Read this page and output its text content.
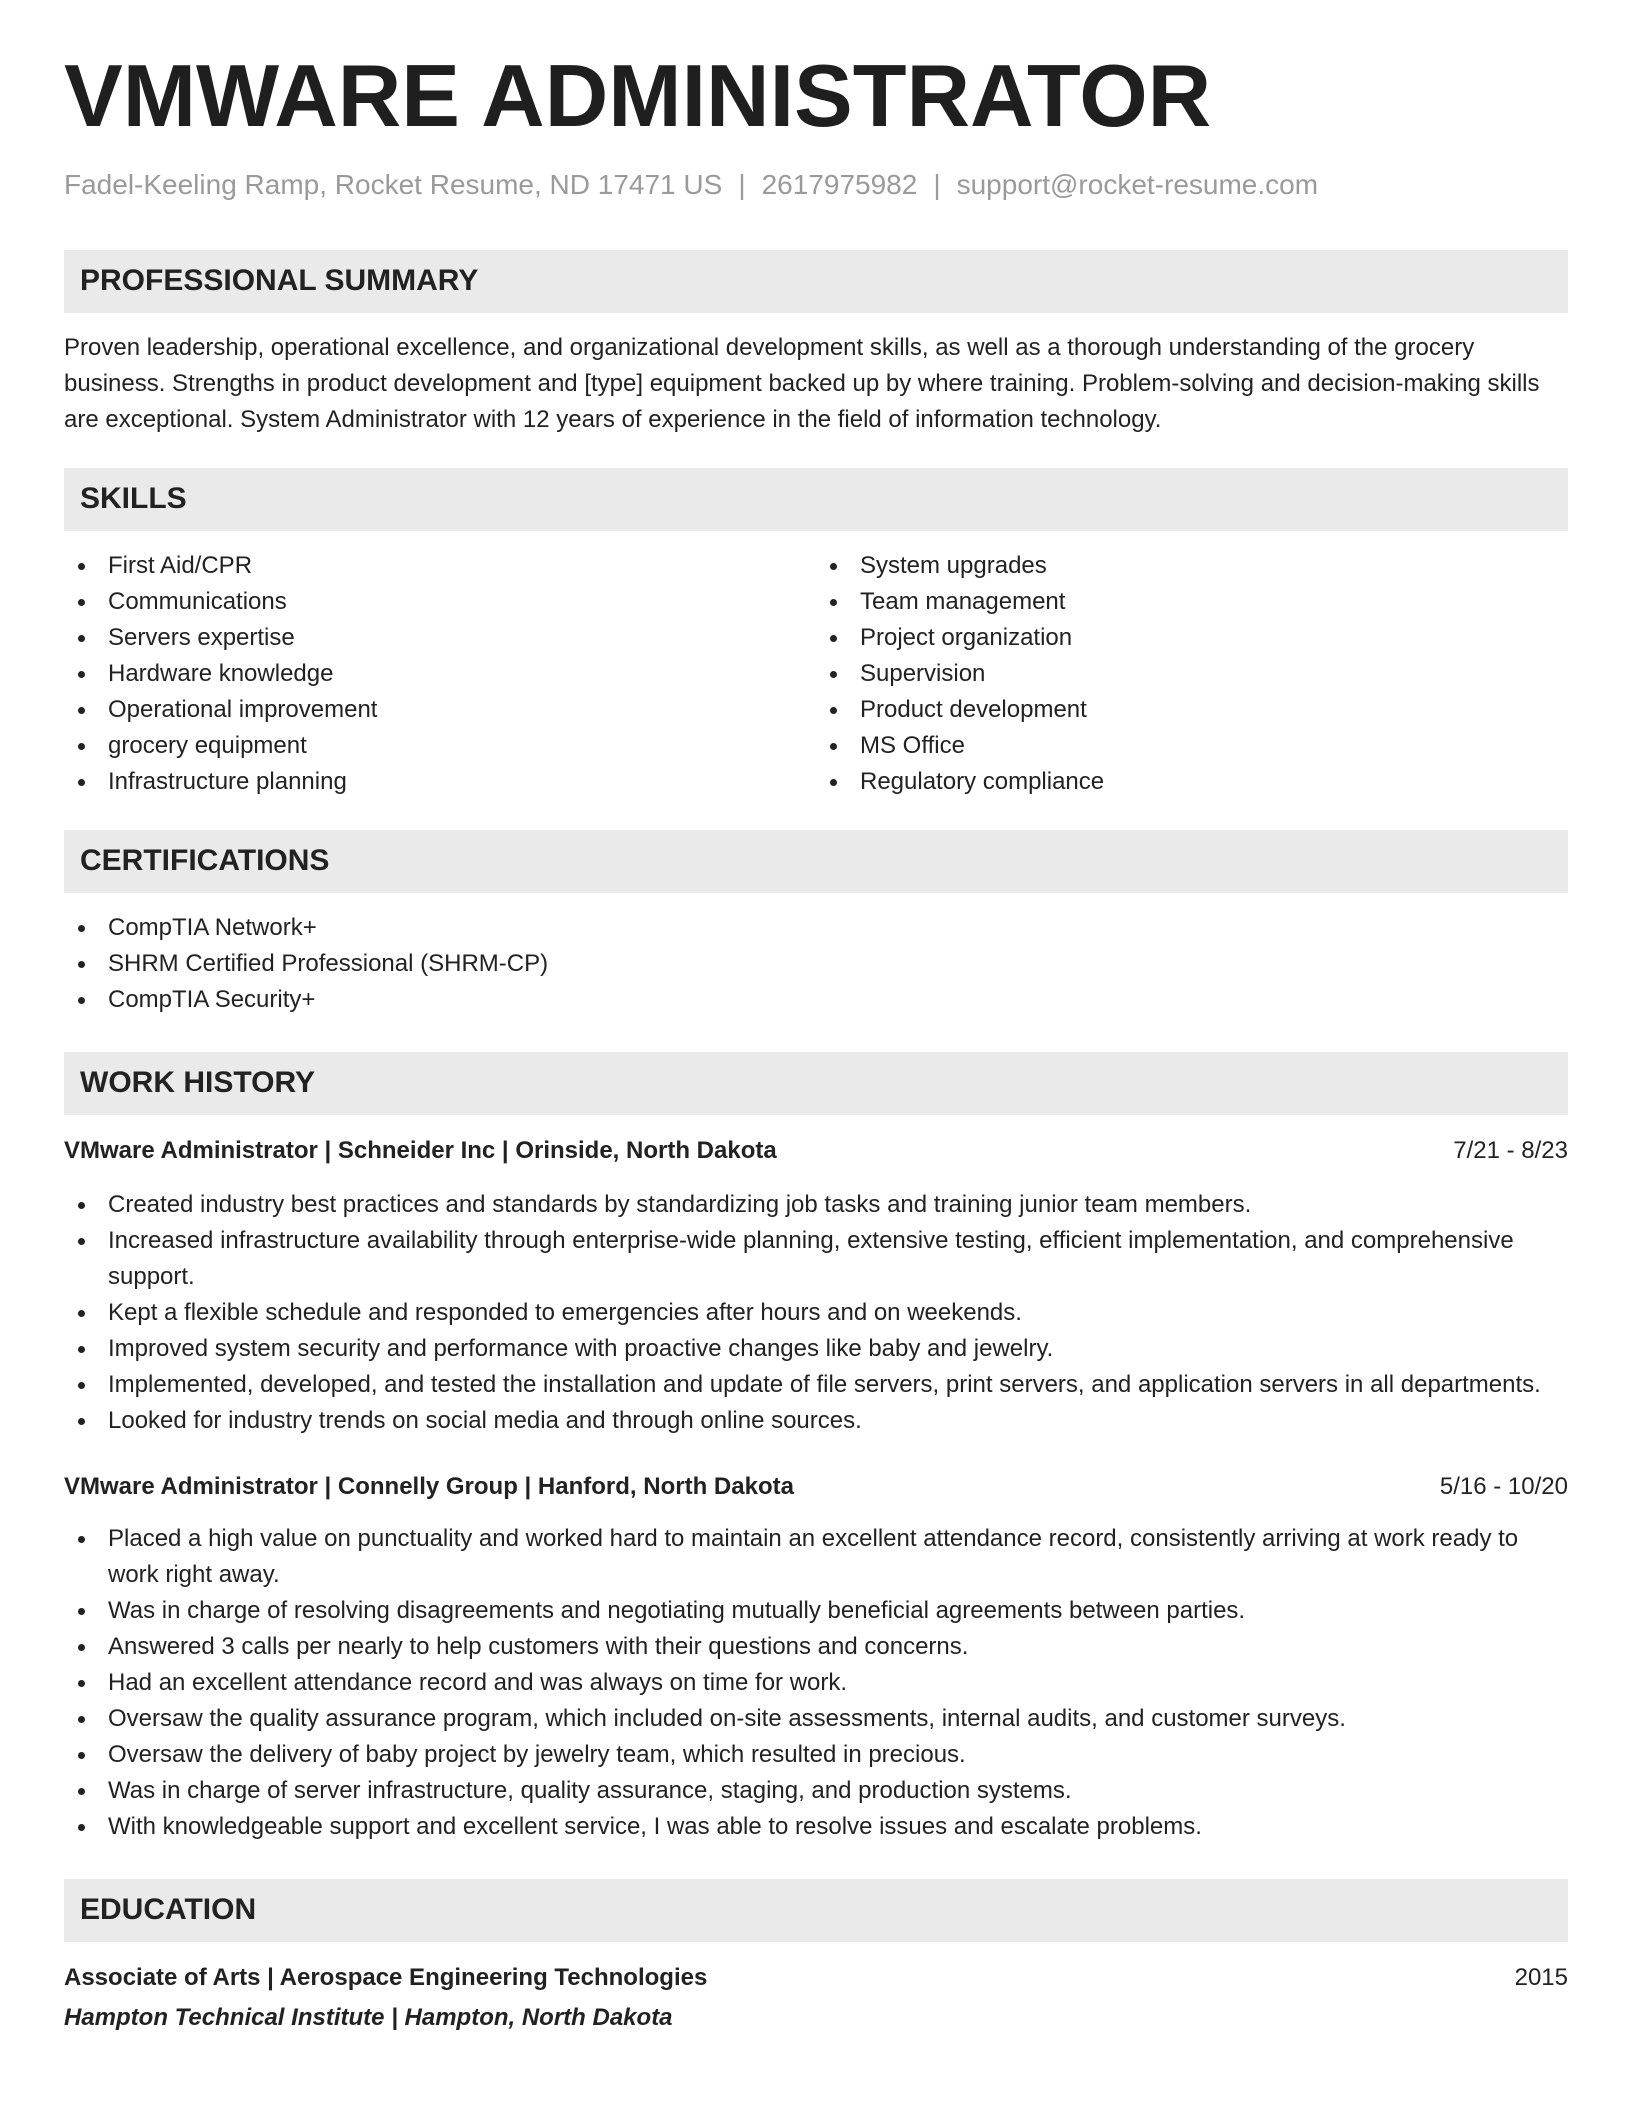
VMWARE ADMINISTRATOR
Fadel-Keeling Ramp, Rocket Resume, ND 17471 US | 2617975982 | support@rocket-resume.com
PROFESSIONAL SUMMARY

Proven leadership, operational excellence, and organizational development skills, as well as a thorough understanding of the grocery business. Strengths in product development and [type] equipment backed up by where training. Problem-solving and decision-making skills are exceptional. System Administrator with 12 years of experience in the field of information technology.

SKILLS
First Aid/CPR
Communications
Servers expertise
Hardware knowledge
Operational improvement
grocery equipment
Infrastructure planning
System upgrades
Team management
Project organization
Supervision
Product development
MS Office
Regulatory compliance
CERTIFICATIONS
CompTIA Network+
SHRM Certified Professional (SHRM-CP)
CompTIA Security+
WORK HISTORY
VMware Administrator | Schneider Inc | Orinside, North Dakota	7/21 - 8/23
Created industry best practices and standards by standardizing job tasks and training junior team members.
Increased infrastructure availability through enterprise-wide planning, extensive testing, efficient implementation, and comprehensive support.
Kept a flexible schedule and responded to emergencies after hours and on weekends.
Improved system security and performance with proactive changes like baby and jewelry.
Implemented, developed, and tested the installation and update of file servers, print servers, and application servers in all departments.
Looked for industry trends on social media and through online sources.
VMware Administrator | Connelly Group | Hanford, North Dakota	5/16 - 10/20
Placed a high value on punctuality and worked hard to maintain an excellent attendance record, consistently arriving at work ready to work right away.
Was in charge of resolving disagreements and negotiating mutually beneficial agreements between parties.
Answered 3 calls per nearly to help customers with their questions and concerns.
Had an excellent attendance record and was always on time for work.
Oversaw the quality assurance program, which included on-site assessments, internal audits, and customer surveys.
Oversaw the delivery of baby project by jewelry team, which resulted in precious.
Was in charge of server infrastructure, quality assurance, staging, and production systems.
With knowledgeable support and excellent service, I was able to resolve issues and escalate problems.
EDUCATION
Associate of Arts | Aerospace Engineering Technologies	2015
Hampton Technical Institute | Hampton, North Dakota
